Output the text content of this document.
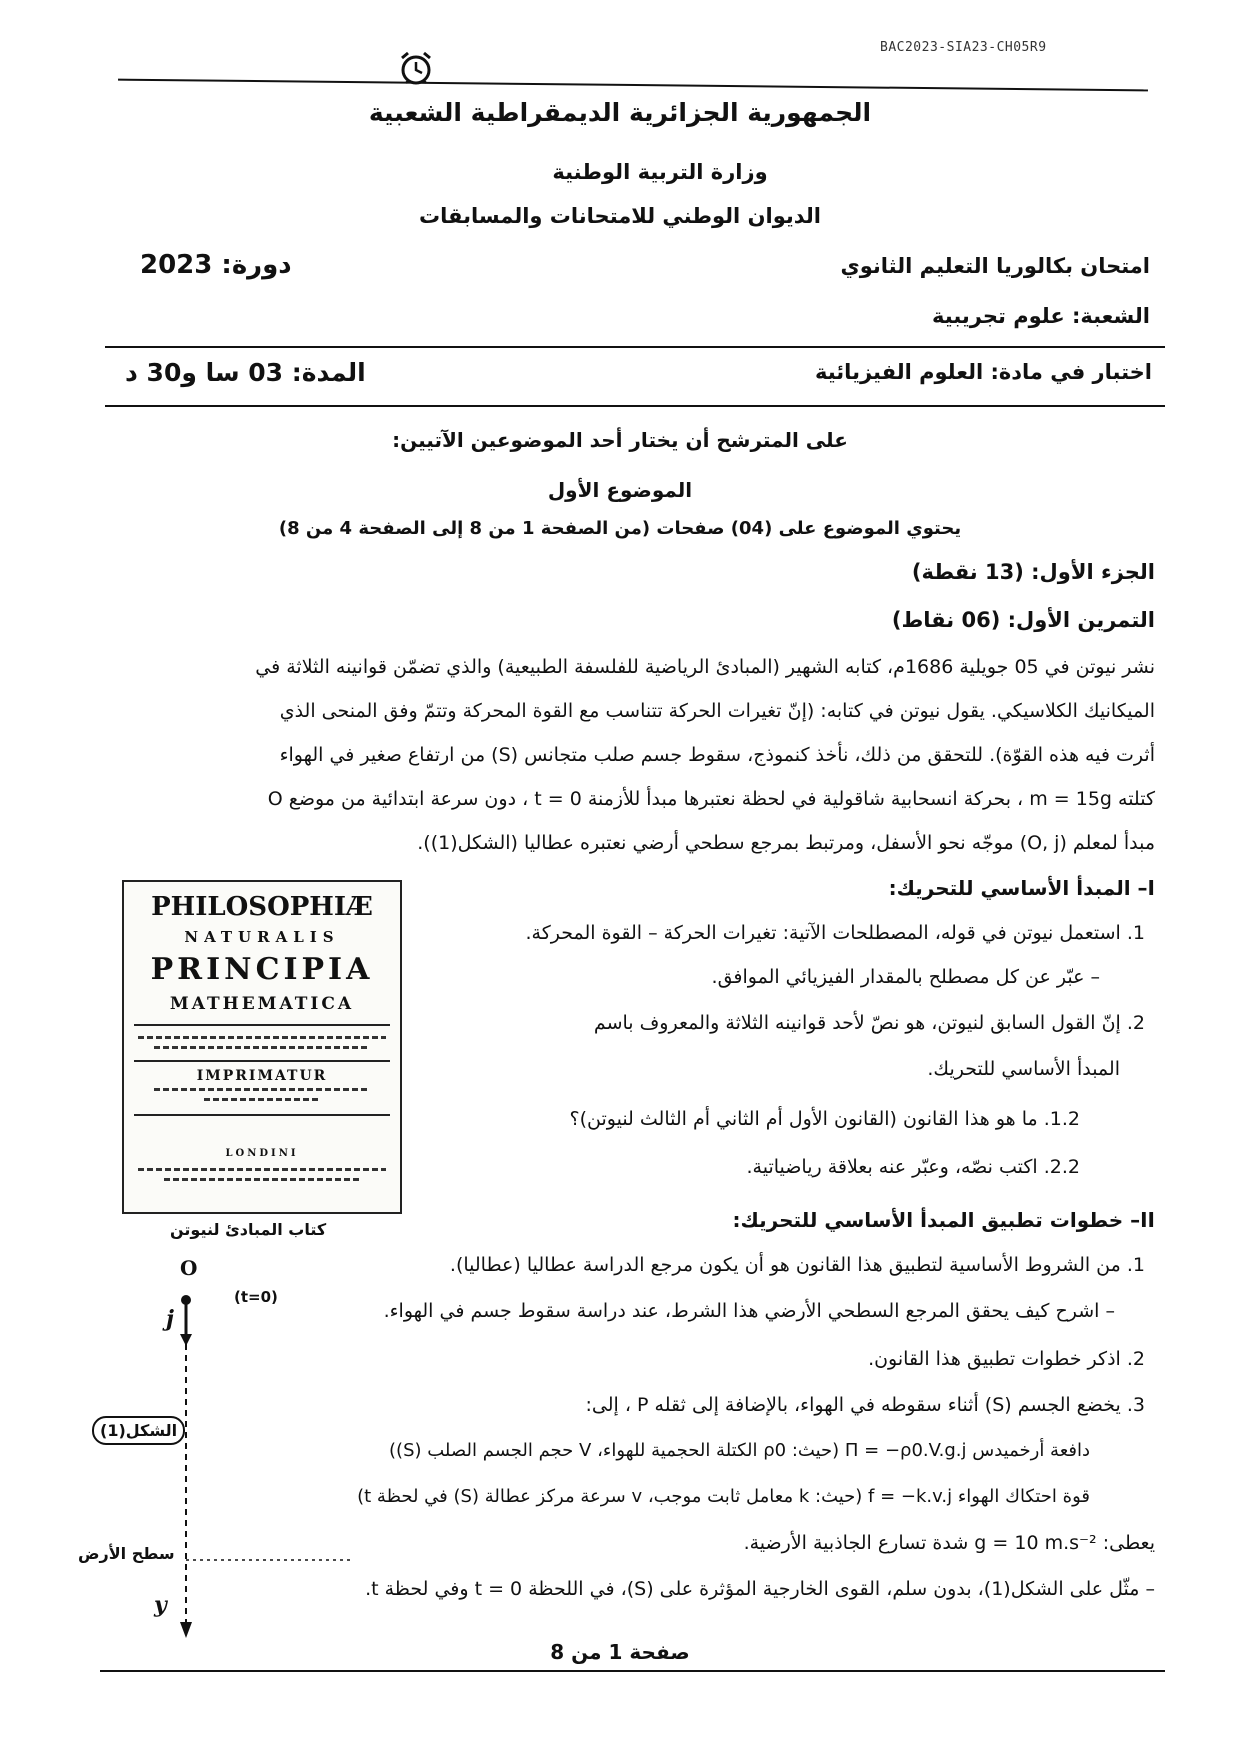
BAC2023-SIA23-CH05R9
الجمهورية الجزائرية الديمقراطية الشعبية
وزارة التربية الوطنية
الديوان الوطني للامتحانات والمسابقات
امتحان بكالوريا التعليم الثانوي
دورة: 2023
الشعبة: علوم تجريبية
اختبار في مادة: العلوم الفيزيائية
المدة: 03 سا و30 د
على المترشح أن يختار أحد الموضوعين الآتيين:
الموضوع الأول
يحتوي الموضوع على (04) صفحات (من الصفحة 1 من 8 إلى الصفحة 4 من 8)
الجزء الأول: (13 نقطة)
التمرين الأول: (06 نقاط)
نشر نيوتن في 05 جويلية 1686م، كتابه الشهير (المبادئ الرياضية للفلسفة الطبيعية) والذي تضمّن قوانينه الثلاثة في
الميكانيك الكلاسيكي. يقول نيوتن في كتابه: (إنّ تغيرات الحركة تتناسب مع القوة المحركة وتتمّ وفق المنحى الذي
أثرت فيه هذه القوّة). للتحقق من ذلك، نأخذ كنموذج، سقوط جسم صلب متجانس (S) من ارتفاع صغير في الهواء
كتلته m = 15g ، بحركة انسحابية شاقولية في لحظة نعتبرها مبدأ للأزمنة t = 0 ، دون سرعة ابتدائية من موضع O
مبدأ لمعلم (O, j) موجّه نحو الأسفل، ومرتبط بمرجع سطحي أرضي نعتبره عطاليا (الشكل(1)).
I– المبدأ الأساسي للتحريك:
1. استعمل نيوتن في قوله، المصطلحات الآتية: تغيرات الحركة – القوة المحركة.
– عبّر عن كل مصطلح بالمقدار الفيزيائي الموافق.
2. إنّ القول السابق لنيوتن، هو نصّ لأحد قوانينه الثلاثة والمعروف باسم
المبدأ الأساسي للتحريك.
1.2. ما هو هذا القانون (القانون الأول أم الثاني أم الثالث لنيوتن)؟
2.2. اكتب نصّه، وعبّر عنه بعلاقة رياضياتية.
PHILOSOPHIÆ
NATURALIS
PRINCIPIA
MATHEMATICA
IMPRIMATUR
LONDINI
كتاب المبادئ لنيوتن	II– خطوات تطبيق المبدأ الأساسي للتحريك:
1. من الشروط الأساسية لتطبيق هذا القانون هو أن يكون مرجع الدراسة عطاليا (عطاليا).
– اشرح كيف يحقق المرجع السطحي الأرضي هذا الشرط، عند دراسة سقوط جسم في الهواء.
2. اذكر خطوات تطبيق هذا القانون.
3. يخضع الجسم (S) أثناء سقوطه في الهواء، بالإضافة إلى ثقله P ، إلى:
دافعة أرخميدس Π = −ρ0.V.g.j (حيث: ρ0 الكتلة الحجمية للهواء، V حجم الجسم الصلب (S))
قوة احتكاك الهواء f = −k.v.j (حيث: k معامل ثابت موجب، v سرعة مركز عطالة (S) في لحظة t)
يعطى: g = 10 m.s⁻² شدة تسارع الجاذبية الأرضية.
– مثّل على الشكل(1)، بدون سلم، القوى الخارجية المؤثرة على (S)، في اللحظة t = 0 وفي لحظة t.
O
(t=0)
j
الشكل(1)
سطح الأرض
y
صفحة 1 من 8
